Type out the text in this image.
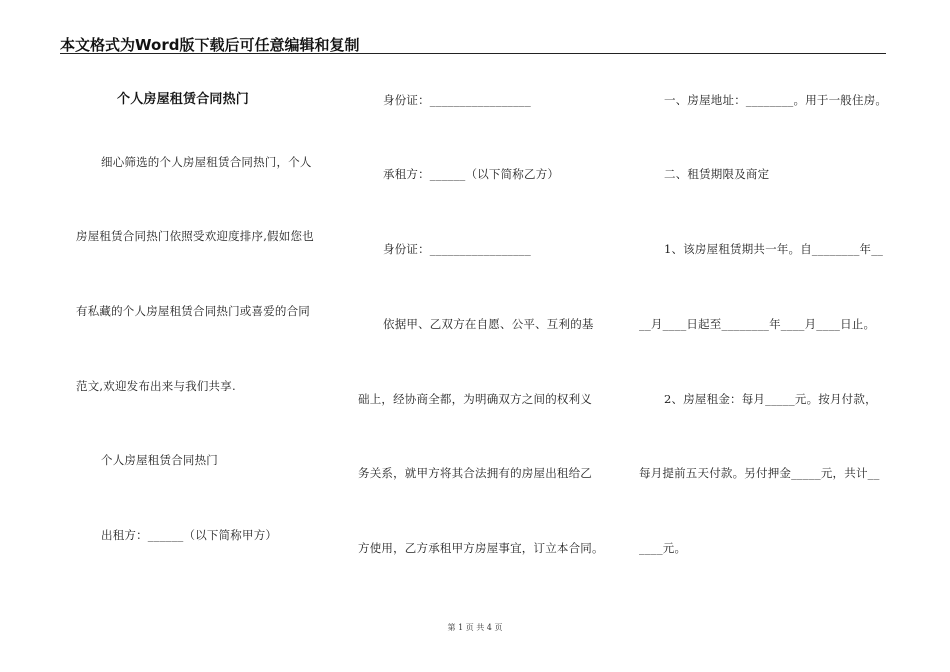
本文格式为Word版下载后可任意编辑和复制
个人房屋租赁合同热门
细心筛选的个人房屋租赁合同热门，个人
房屋租赁合同热门依照受欢迎度排序,假如您也
有私藏的个人房屋租赁合同热门或喜爱的合同
范文,欢迎发布出来与我们共享.
个人房屋租赁合同热门
出租方：______（以下简称甲方）
身份证：_________________
承租方：______（以下简称乙方）
身份证：_________________
依据甲、乙双方在自愿、公平、互利的基
础上，经协商全都，为明确双方之间的权利义
务关系，就甲方将其合法拥有的房屋出租给乙
方使用，乙方承租甲方房屋事宜，订立本合同。
一、房屋地址：________。用于一般住房。
二、租赁期限及商定
1、该房屋租赁期共一年。自________年__
__月____日起至________年____月____日止。
2、房屋租金：每月_____元。按月付款，
每月提前五天付款。另付押金_____元，共计__
____元。
第 1 页 共 4 页
